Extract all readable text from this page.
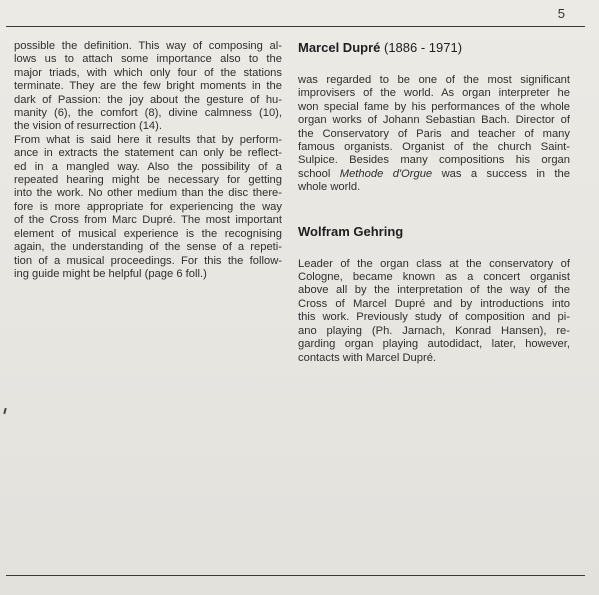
5
possible the definition. This way of composing al-
lows us to attach some importance also to the
major triads, with which only four of the stations
terminate. They are the few bright moments in the
dark of Passion: the joy about the gesture of hu-
manity (6), the comfort (8), divine calmness (10),
the vision of resurrection (14).
From what is said here it results that by perform-
ance in extracts the statement can only be reflect-
ed in a mangled way. Also the possibility of a
repeated hearing might be necessary for getting
into the work. No other medium than the disc there-
fore is more appropriate for experiencing the way
of the Cross from Marc Dupré. The most important
element of musical experience is the recognising
again, the understanding of the sense of a repeti-
tion of a musical proceedings. For this the follow-
ing guide might be helpful (page 6 foll.)
Marcel Dupré (1886 - 1971)
was regarded to be one of the most significant
improvisers of the world. As organ interpreter he
won special fame by his performances of the whole
organ works of Johann Sebastian Bach. Director of
the Conservatory of Paris and teacher of many
famous organists. Organist of the church Saint-
Sulpice. Besides many compositions his organ
school Methode d'Orgue was a success in the
whole world.
Wolfram Gehring
Leader of the organ class at the conservatory of
Cologne, became known as a concert organist
above all by the interpretation of the way of the
Cross of Marcel Dupré and by introductions into
this work. Previously study of composition and pi-
ano playing (Ph. Jarnach, Konrad Hansen), re-
garding organ playing autodidact, later, however,
contacts with Marcel Dupré.
